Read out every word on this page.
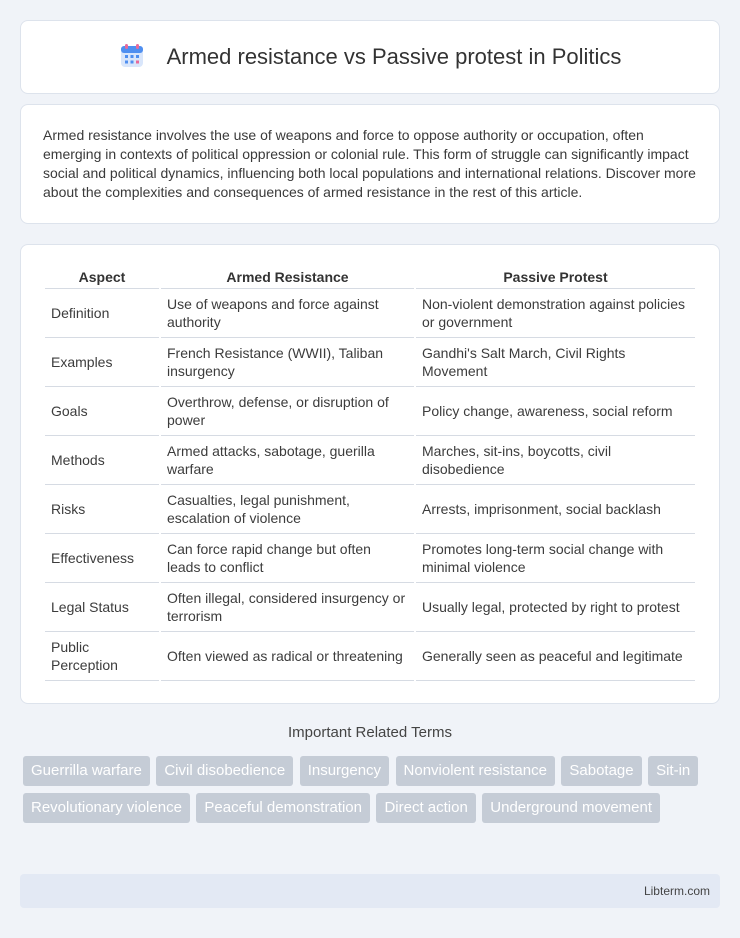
Armed resistance vs Passive protest in Politics

Armed resistance involves the use of weapons and force to oppose authority or occupation, often emerging in contexts of political oppression or colonial rule. This form of struggle can significantly impact social and political dynamics, influencing both local populations and international relations. Discover more about the complexities and consequences of armed resistance in the rest of this article.

Aspect	Armed Resistance	Passive Protest
Definition	Use of weapons and force against authority	Non-violent demonstration against policies or government
Examples	French Resistance (WWII), Taliban insurgency	Gandhi's Salt March, Civil Rights Movement
Goals	Overthrow, defense, or disruption of power	Policy change, awareness, social reform
Methods	Armed attacks, sabotage, guerilla warfare	Marches, sit-ins, boycotts, civil disobedience
Risks	Casualties, legal punishment, escalation of violence	Arrests, imprisonment, social backlash
Effectiveness	Can force rapid change but often leads to conflict	Promotes long-term social change with minimal violence
Legal Status	Often illegal, considered insurgency or terrorism	Usually legal, protected by right to protest
Public Perception	Often viewed as radical or threatening	Generally seen as peaceful and legitimate
Important Related Terms
Guerrilla warfare Civil disobedience Insurgency Nonviolent resistance Sabotage Sit-in Revolutionary violence Peaceful demonstration Direct action Underground movement
Libterm.com
